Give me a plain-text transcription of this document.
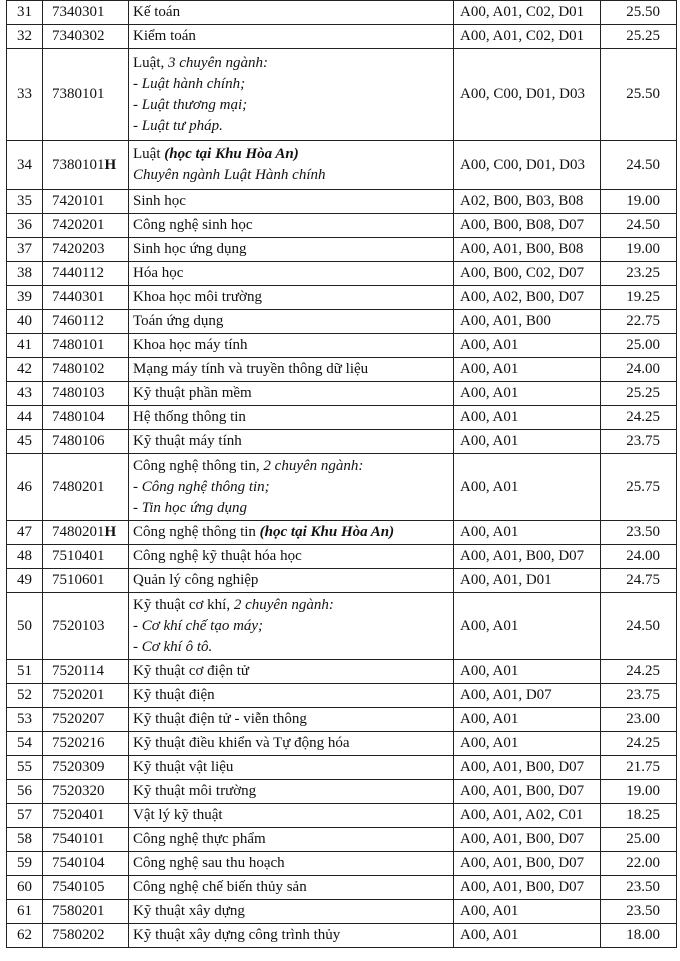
31	7340301	Kế toán	A00, A01, C02, D01	25.50
32	7340302	Kiểm toán	A00, A01, C02, D01	25.25
33	7380101	Luật, 3 chuyên ngành:
- Luật hành chính;
- Luật thương mại;
- Luật tư pháp.	A00, C00, D01, D03	25.50
34	7380101H	Luật (học tại Khu Hòa An)
Chuyên ngành Luật Hành chính	A00, C00, D01, D03	24.50
35	7420101	Sinh học	A02, B00, B03, B08	19.00
36	7420201	Công nghệ sinh học	A00, B00, B08, D07	24.50
37	7420203	Sinh học ứng dụng	A00, A01, B00, B08	19.00
38	7440112	Hóa học	A00, B00, C02, D07	23.25
39	7440301	Khoa học môi trường	A00, A02, B00, D07	19.25
40	7460112	Toán ứng dụng	A00, A01, B00	22.75
41	7480101	Khoa học máy tính	A00, A01	25.00
42	7480102	Mạng máy tính và truyền thông dữ liệu	A00, A01	24.00
43	7480103	Kỹ thuật phần mềm	A00, A01	25.25
44	7480104	Hệ thống thông tin	A00, A01	24.25
45	7480106	Kỹ thuật máy tính	A00, A01	23.75
46	7480201	Công nghệ thông tin, 2 chuyên ngành:
- Công nghệ thông tin;
- Tin học ứng dụng	A00, A01	25.75
47	7480201H	Công nghệ thông tin (học tại Khu Hòa An)	A00, A01	23.50
48	7510401	Công nghệ kỹ thuật hóa học	A00, A01, B00, D07	24.00
49	7510601	Quản lý công nghiệp	A00, A01, D01	24.75
50	7520103	Kỹ thuật cơ khí, 2 chuyên ngành:
- Cơ khí chế tạo máy;
- Cơ khí ô tô.	A00, A01	24.50
51	7520114	Kỹ thuật cơ điện tử	A00, A01	24.25
52	7520201	Kỹ thuật điện	A00, A01, D07	23.75
53	7520207	Kỹ thuật điện tử - viễn thông	A00, A01	23.00
54	7520216	Kỹ thuật điều khiển và Tự động hóa	A00, A01	24.25
55	7520309	Kỹ thuật vật liệu	A00, A01, B00, D07	21.75
56	7520320	Kỹ thuật môi trường	A00, A01, B00, D07	19.00
57	7520401	Vật lý kỹ thuật	A00, A01, A02, C01	18.25
58	7540101	Công nghệ thực phẩm	A00, A01, B00, D07	25.00
59	7540104	Công nghệ sau thu hoạch	A00, A01, B00, D07	22.00
60	7540105	Công nghệ chế biến thủy sản	A00, A01, B00, D07	23.50
61	7580201	Kỹ thuật xây dựng	A00, A01	23.50
62	7580202	Kỹ thuật xây dựng công trình thủy	A00, A01	18.00
